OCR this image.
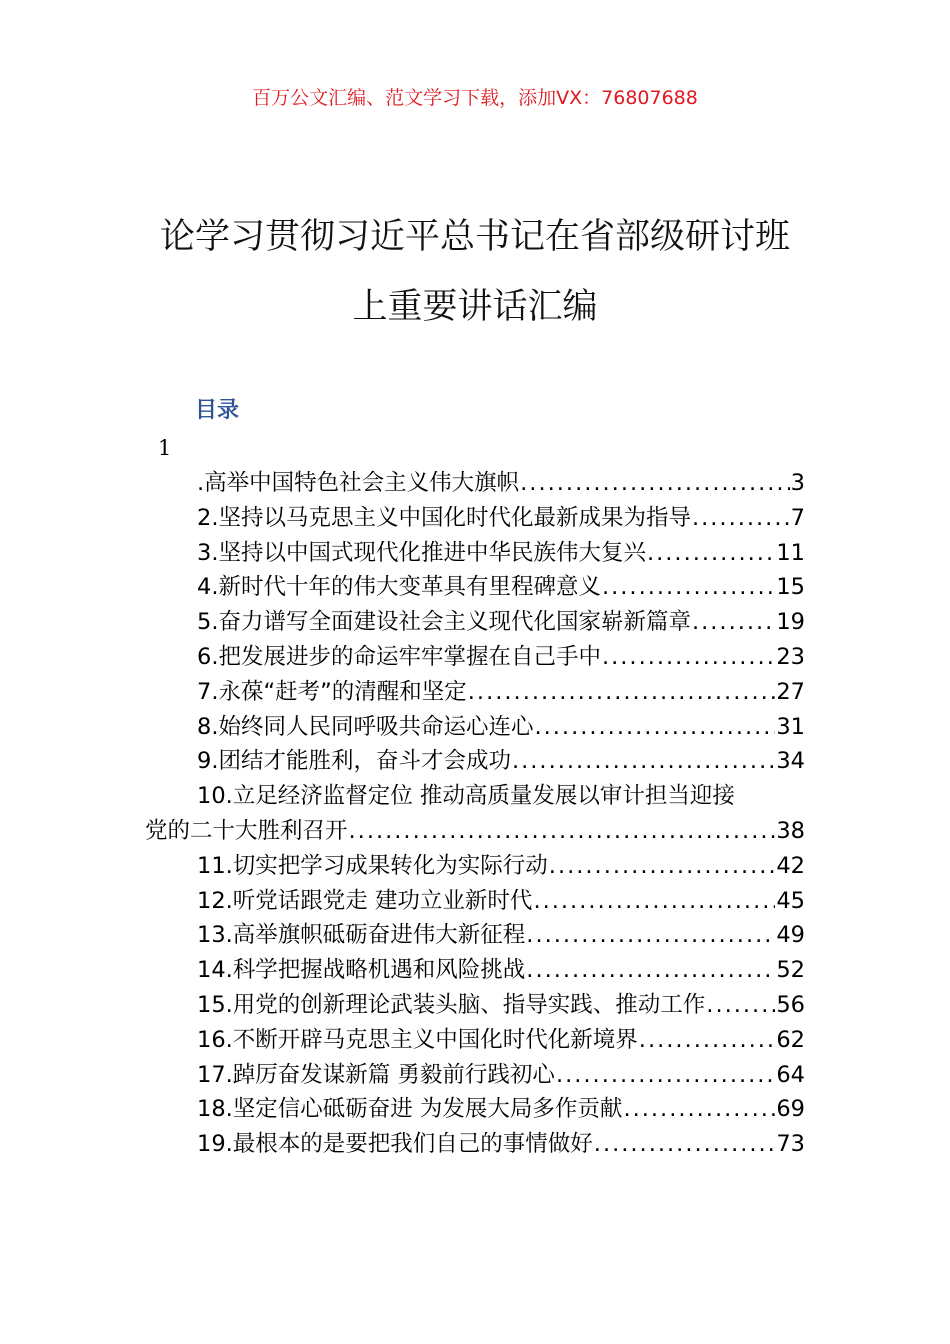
百万公文汇编、范文学习下载，添加VX：76807688
论学习贯彻习近平总书记在省部级研讨班
上重要讲话汇编
目录
1
.高举中国特色社会主义伟大旗帜 .....	3
2.坚持以马克思主义中国化时代化最新成果为指导 .....	7
3.坚持以中国式现代化推进中华民族伟大复兴 .....	11
4.新时代十年的伟大变革具有里程碑意义 .....	15
5.奋力谱写全面建设社会主义现代化国家崭新篇章 .....	19
6.把发展进步的命运牢牢掌握在自己手中 .....	23
7.永葆“赶考”的清醒和坚定 .....	27
8.始终同人民同呼吸共命运心连心 .....	31
9.团结才能胜利，奋斗才会成功 .....	34
10.立足经济监督定位 推动高质量发展以审计担当迎接
党的二十大胜利召开 .....	38
11.切实把学习成果转化为实际行动 .....	42
12.听党话跟党走 建功立业新时代 .....	45
13.高举旗帜砥砺奋进伟大新征程 .....	49
14.科学把握战略机遇和风险挑战 .....	52
15.用党的创新理论武装头脑、指导实践、推动工作 .....	56
16.不断开辟马克思主义中国化时代化新境界 .....	62
17.踔厉奋发谋新篇 勇毅前行践初心 .....	64
18.坚定信心砥砺奋进 为发展大局多作贡献 .....	69
19.最根本的是要把我们自己的事情做好 .....	73
